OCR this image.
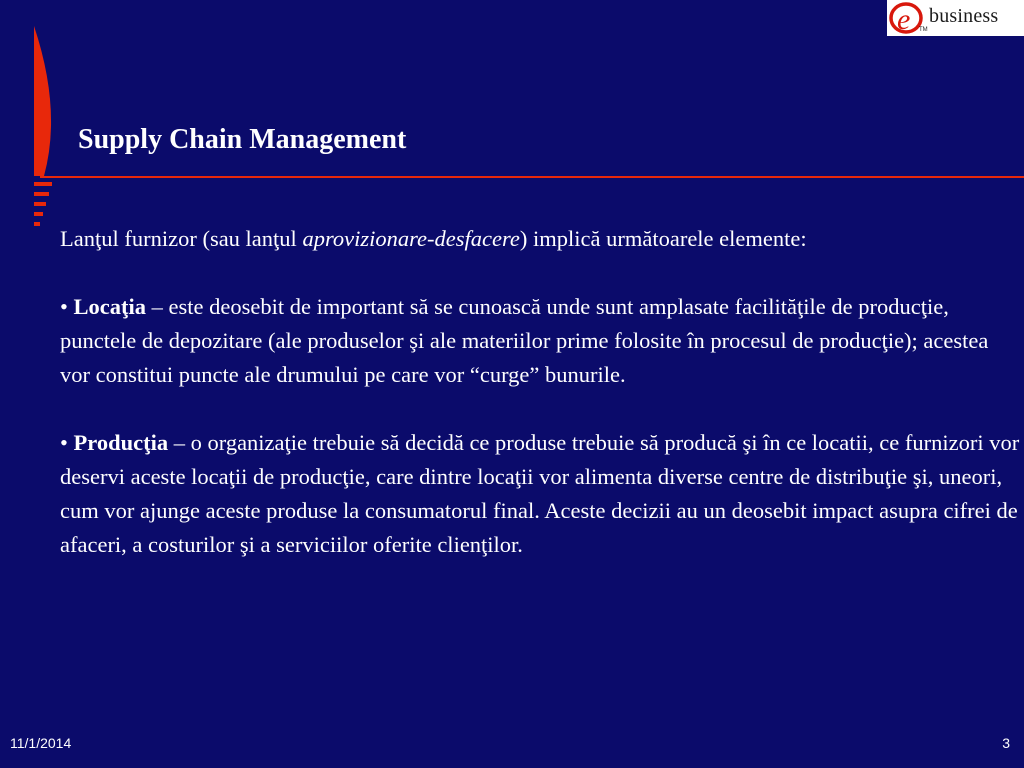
e business
TM
Supply Chain Management

Lanţul furnizor (sau lanţul aprovizionare-desfacere) implică următoarele elemente:

• Locaţia – este deosebit de important să se cunoască unde sunt amplasate facilităţile de producţie, punctele de depozitare (ale produselor şi ale materiilor prime folosite în procesul de producţie); acestea vor constitui puncte ale drumului pe care vor “curge” bunurile.

• Producţia – o organizaţie trebuie să decidă ce produse trebuie să producă şi în ce locatii, ce furnizori vor deservi aceste locaţii de producţie, care dintre locaţii vor alimenta diverse centre de distribuţie şi, uneori, cum vor ajunge aceste produse la consumatorul final. Aceste decizii au un deosebit impact asupra cifrei de afaceri, a costurilor şi a serviciilor oferite clienţilor.

11/1/2014	3
